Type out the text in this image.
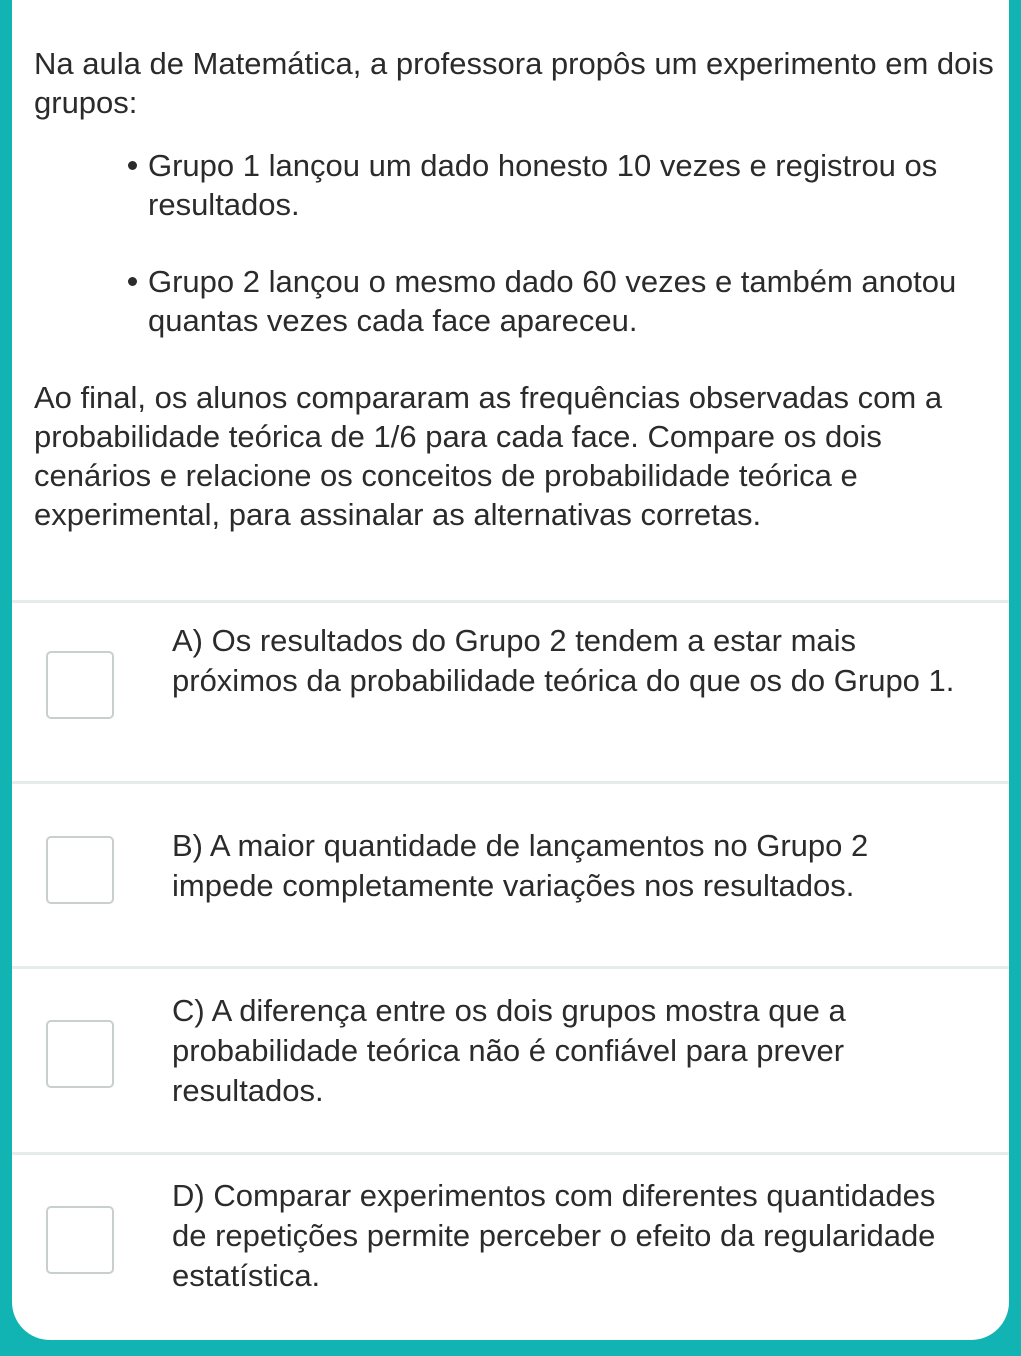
Na aula de Matemática, a professora propôs um experimento em dois grupos:

Grupo 1 lançou um dado honesto 10 vezes e registrou os resultados.
Grupo 2 lançou o mesmo dado 60 vezes e também anotou quantas vezes cada face apareceu.

Ao final, os alunos compararam as frequências observadas com a probabilidade teórica de 1/6 para cada face. Compare os dois cenários e relacione os conceitos de probabilidade teórica e experimental, para assinalar as alternativas corretas.

A) Os resultados do Grupo 2 tendem a estar mais próximos da probabilidade teórica do que os do Grupo 1.
B) A maior quantidade de lançamentos no Grupo 2 impede completamente variações nos resultados.
C) A diferença entre os dois grupos mostra que a probabilidade teórica não é confiável para prever resultados.
D) Comparar experimentos com diferentes quantidades de repetições permite perceber o efeito da regularidade estatística.
